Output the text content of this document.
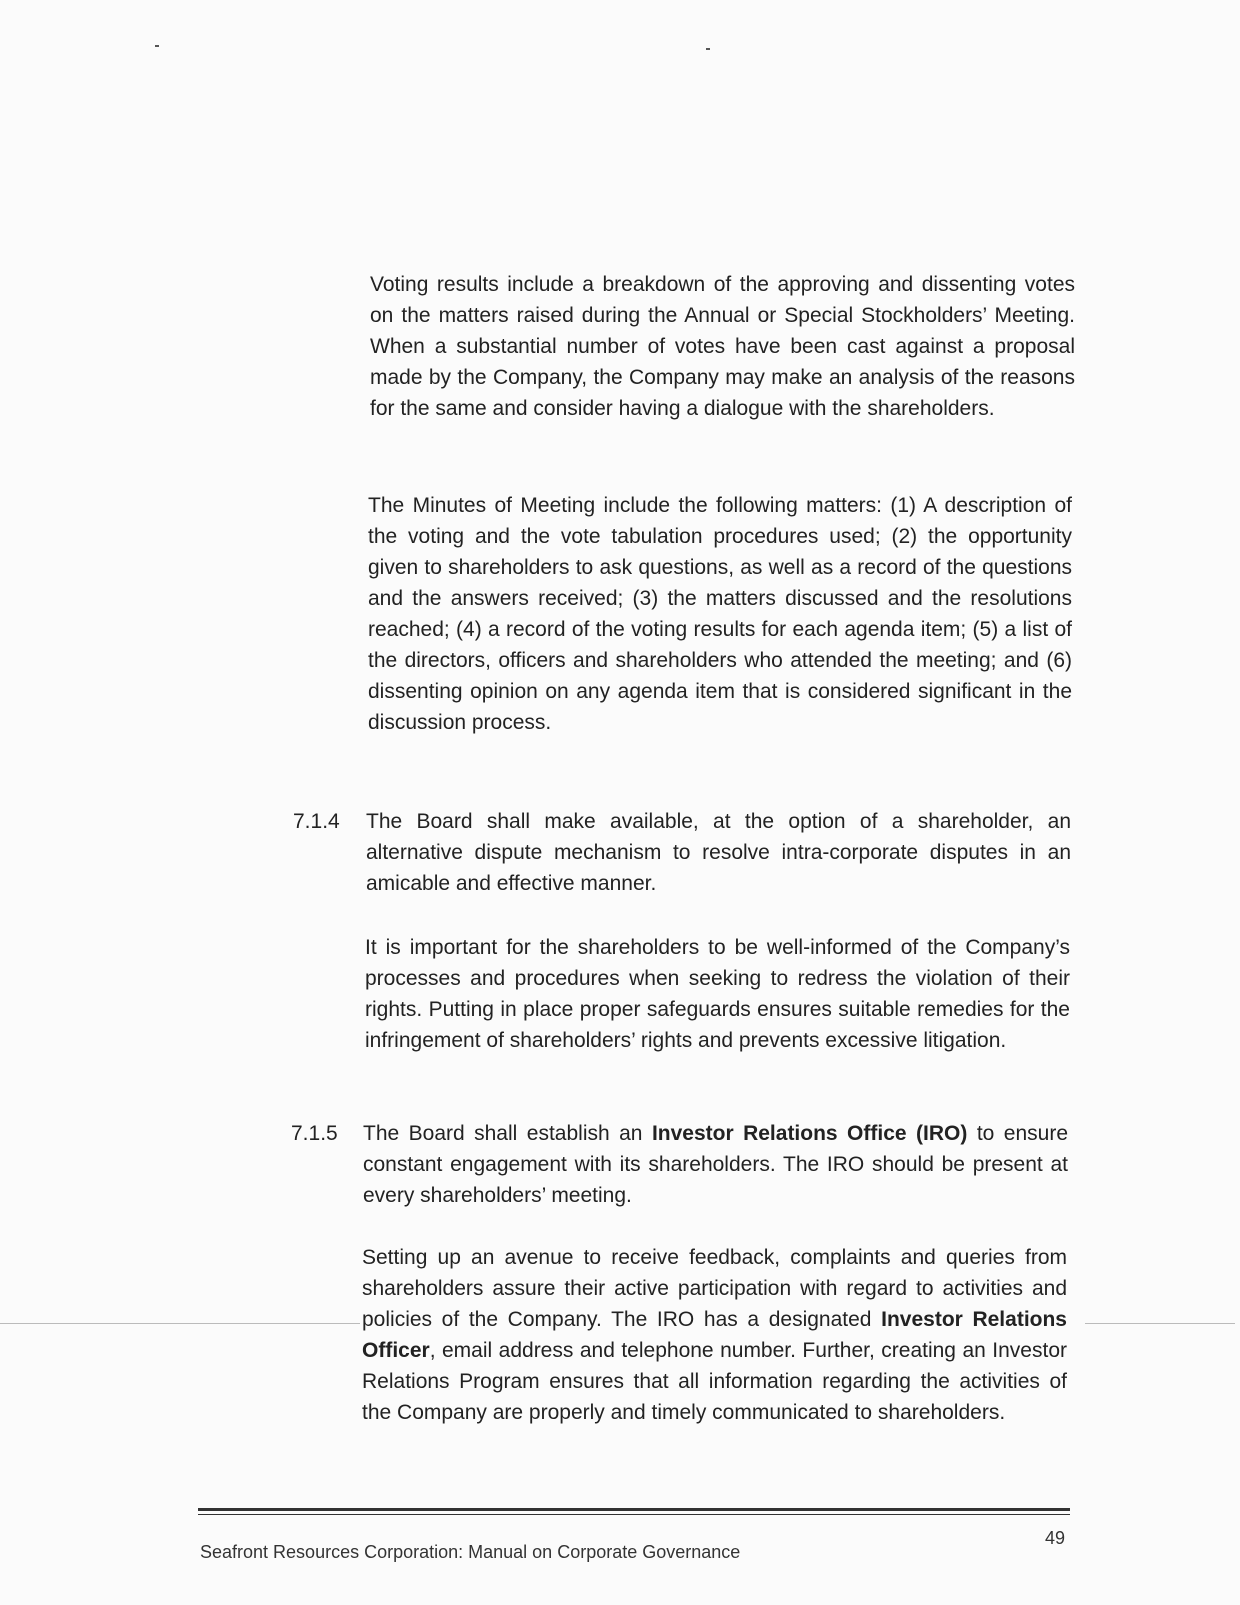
Voting results include a breakdown of the approving and dissenting votes on the matters raised during the Annual or Special Stockholders’ Meeting. When a substantial number of votes have been cast against a proposal made by the Company, the Company may make an analysis of the reasons for the same and consider having a dialogue with the shareholders.

The Minutes of Meeting include the following matters: (1) A description of the voting and the vote tabulation procedures used; (2) the opportunity given to shareholders to ask questions, as well as a record of the questions and the answers received; (3) the matters discussed and the resolutions reached; (4) a record of the voting results for each agenda item; (5) a list of the directors, officers and shareholders who attended the meeting; and (6) dissenting opinion on any agenda item that is considered significant in the discussion process.

7.1.4 The Board shall make available, at the option of a shareholder, an alternative dispute mechanism to resolve intra-corporate disputes in an amicable and effective manner.

It is important for the shareholders to be well-informed of the Company’s processes and procedures when seeking to redress the violation of their rights. Putting in place proper safeguards ensures suitable remedies for the infringement of shareholders’ rights and prevents excessive litigation.

7.1.5 The Board shall establish an Investor Relations Office (IRO) to ensure constant engagement with its shareholders. The IRO should be present at every shareholders’ meeting.

Setting up an avenue to receive feedback, complaints and queries from shareholders assure their active participation with regard to activities and policies of the Company. The IRO has a designated Investor Relations Officer, email address and telephone number. Further, creating an Investor Relations Program ensures that all information regarding the activities of the Company are properly and timely communicated to shareholders.

49
Seafront Resources Corporation: Manual on Corporate Governance
